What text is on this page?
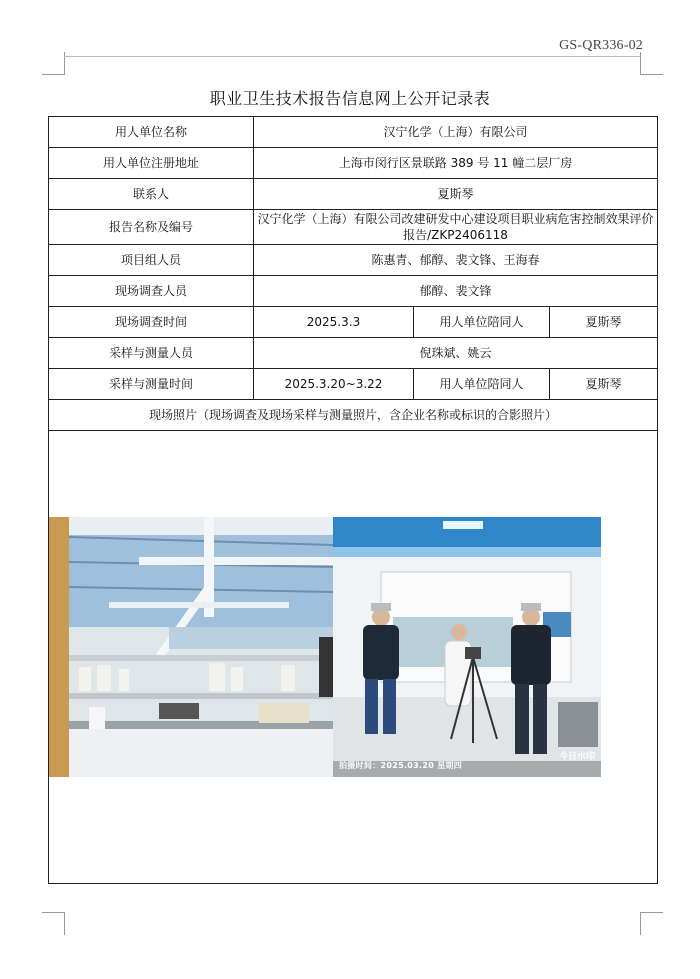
GS-QR336-02
职业卫生技术报告信息网上公开记录表
用人单位名称	汉宁化学（上海）有限公司		
用人单位注册地址	上海市闵行区景联路 389 号 11 幢二层厂房		
联系人	夏斯琴		
报告名称及编号	汉宁化学（上海）有限公司改建研发中心建设项目职业病危害控制效果评价报告/ZKP2406118		
项目组人员	陈惠青、郁醇、裴文锋、王海春		
现场调查人员	郁醇、裴文锋		
现场调查时间	2025.3.3	用人单位陪同人	夏斯琴
采样与测量人员	倪珠斌、姚云		
采样与测量时间	2025.3.20~3.22	用人单位陪同人	夏斯琴
现场照片（现场调查及现场采样与测量照片，含企业名称或标识的合影照片）			

拍摄时间：2025.03.20 星期四
今日水印			
